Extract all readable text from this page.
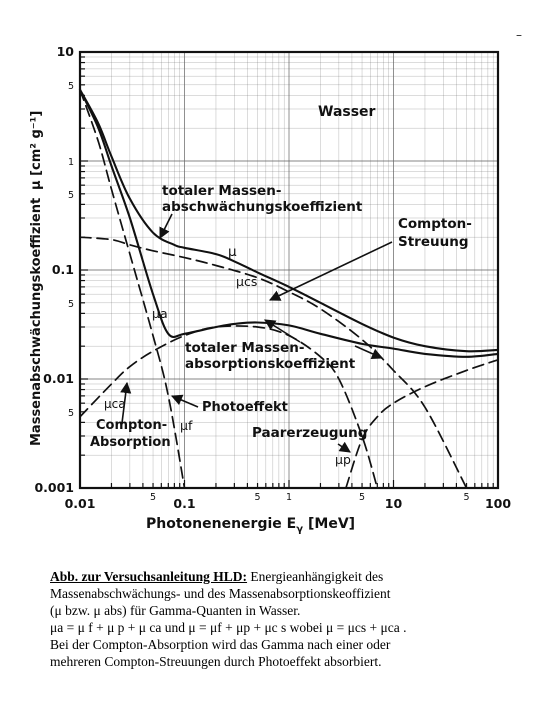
0.01	5 0.1	5	1	5 10	5 100
0.001
5
0.01
5
0.1
5
1
5
10
Wasser
totaler Massen-
abschwächungskoeffizient
Compton-
Streuung
μ
μcs
μa
totaler Massen-
absorptionskoeffizient
μca	Photoeffekt
Compton-
Absorption
μf	Paarerzeugung
μp
Photonenenergie $E_\gamma$ [MeV]
Massenabschwächungskoeffizient
μ [cm² g⁻¹]
–

Abb. zur Versuchsanleitung HLD: Energieanhängigkeit des

Massenabschwächungs- und des Massenabsorptionskeoffizient

(μ bzw. μ abs) für Gamma-Quanten in Wasser.

μa = μ f + μ p + μ ca und μ = μf + μp + μc s wobei μ = μcs + μca .

Bei der Compton-Absorption wird das Gamma nach einer oder

mehreren Compton-Streuungen durch Photoeffekt absorbiert.
